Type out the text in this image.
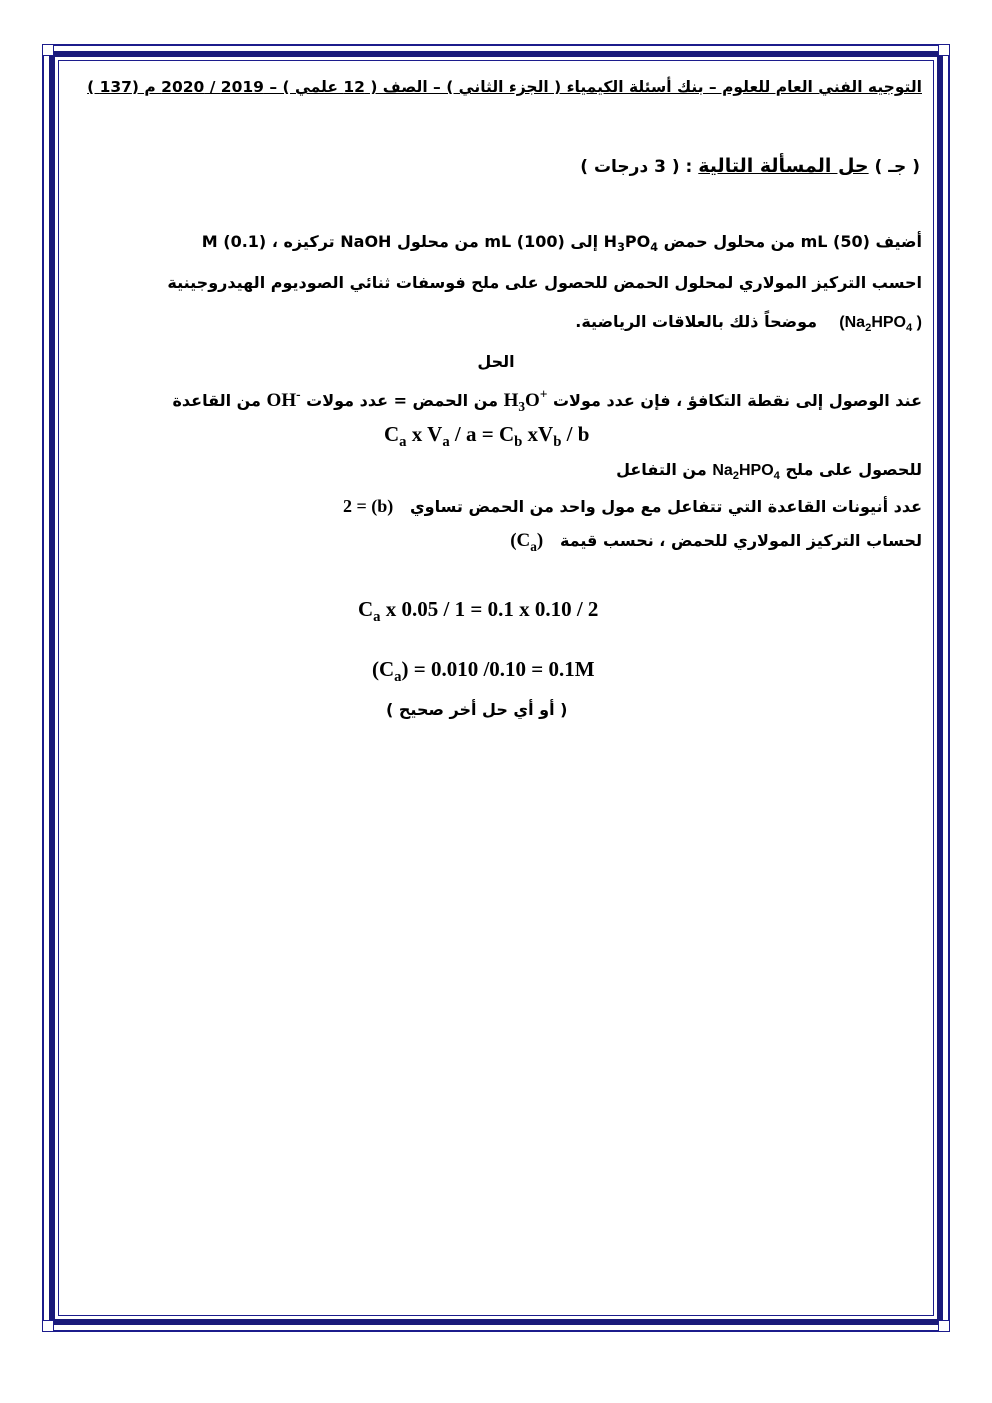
التوجيه الفني العام للعلوم – بنك أسئلة الكيمياء ( الجزء الثاني ) – الصف ( 12 علمي ) – 2019 / 2020 م (137 )
( جـ ) حل المسألة التالية : ( 3 درجات )
أضيف mL (50) من محلول حمض $H_3PO_4$ إلى mL (100) من محلول NaOH تركيزه M (0.1) ،
احسب التركيز المولاري لمحلول الحمض للحصول على ملح فوسفات ثنائي الصوديوم الهيدروجينية
($Na_2HPO_4$ )    موضحاً ذلك بالعلاقات الرياضية.
الحل
عند الوصول إلى نقطة التكافؤ ، فإن عدد مولات $H_3O^+$ من الحمض = عدد مولات OH- من القاعدة
$C_a$ x $V_a / a = C_b$ $xV_b$ / b
للحصول على ملح $Na_2HPO_4$ من التفاعل
عدد أنيونات القاعدة التي تتفاعل مع مول واحد من الحمض تساوي   2 = (b)
لحساب التركيز المولاري للحمض ، نحسب قيمة   $(C_a)$
$C_a$ x 0.05 / 1 = 0.1 x 0.10 / 2
$(C_a) = 0.010$ /0.10 = 0.1M
( أو أي حل أخر صحيح )
